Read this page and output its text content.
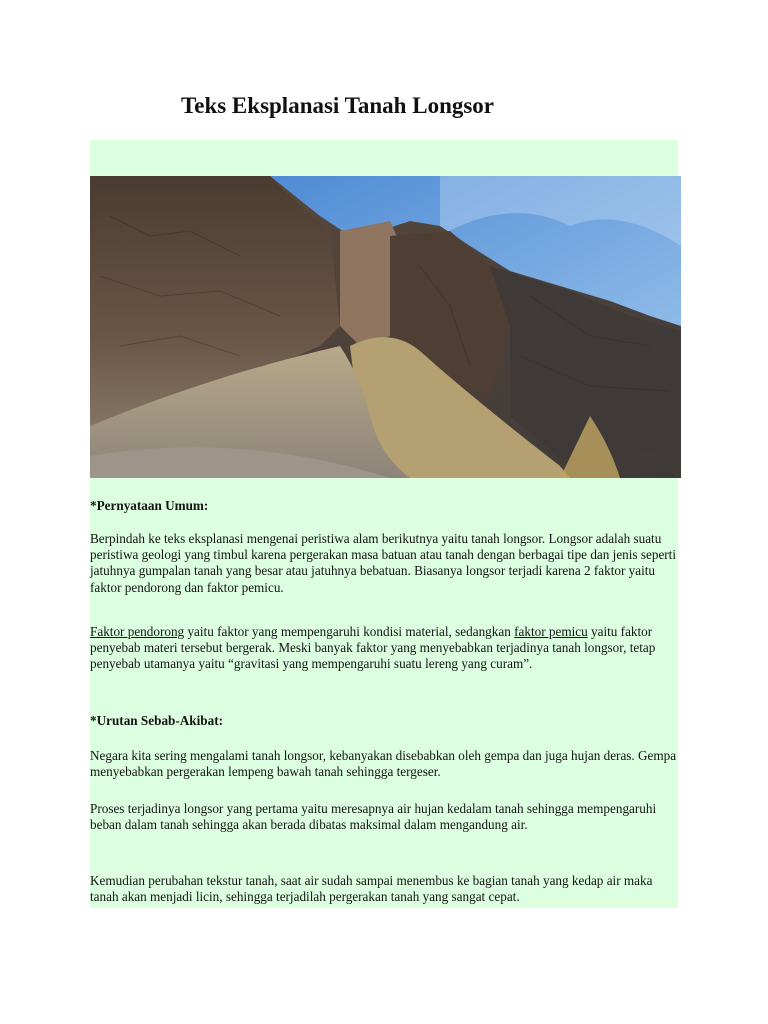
Teks Eksplanasi Tanah Longsor
*Pernyataan Umum:
Berpindah ke teks eksplanasi mengenai peristiwa alam berikutnya yaitu tanah longsor. Longsor adalah suatu peristiwa geologi yang timbul karena pergerakan masa batuan atau tanah dengan berbagai tipe dan jenis seperti jatuhnya gumpalan tanah yang besar atau jatuhnya bebatuan. Biasanya longsor terjadi karena 2 faktor yaitu faktor pendorong dan faktor pemicu.
Faktor pendorong yaitu faktor yang mempengaruhi kondisi material, sedangkan faktor pemicu yaitu faktor penyebab materi tersebut bergerak. Meski banyak faktor yang menyebabkan terjadinya tanah longsor, tetap penyebab utamanya yaitu “gravitasi yang mempengaruhi suatu lereng yang curam”.
*Urutan Sebab-Akibat:
Negara kita sering mengalami tanah longsor, kebanyakan disebabkan oleh gempa dan juga hujan deras. Gempa menyebabkan pergerakan lempeng bawah tanah sehingga tergeser.
Proses terjadinya longsor yang pertama yaitu meresapnya air hujan kedalam tanah sehingga mempengaruhi beban dalam tanah sehingga akan berada dibatas maksimal dalam mengandung air.
Kemudian perubahan tekstur tanah, saat air sudah sampai menembus ke bagian tanah yang kedap air maka tanah akan menjadi licin, sehingga terjadilah pergerakan tanah yang sangat cepat.
